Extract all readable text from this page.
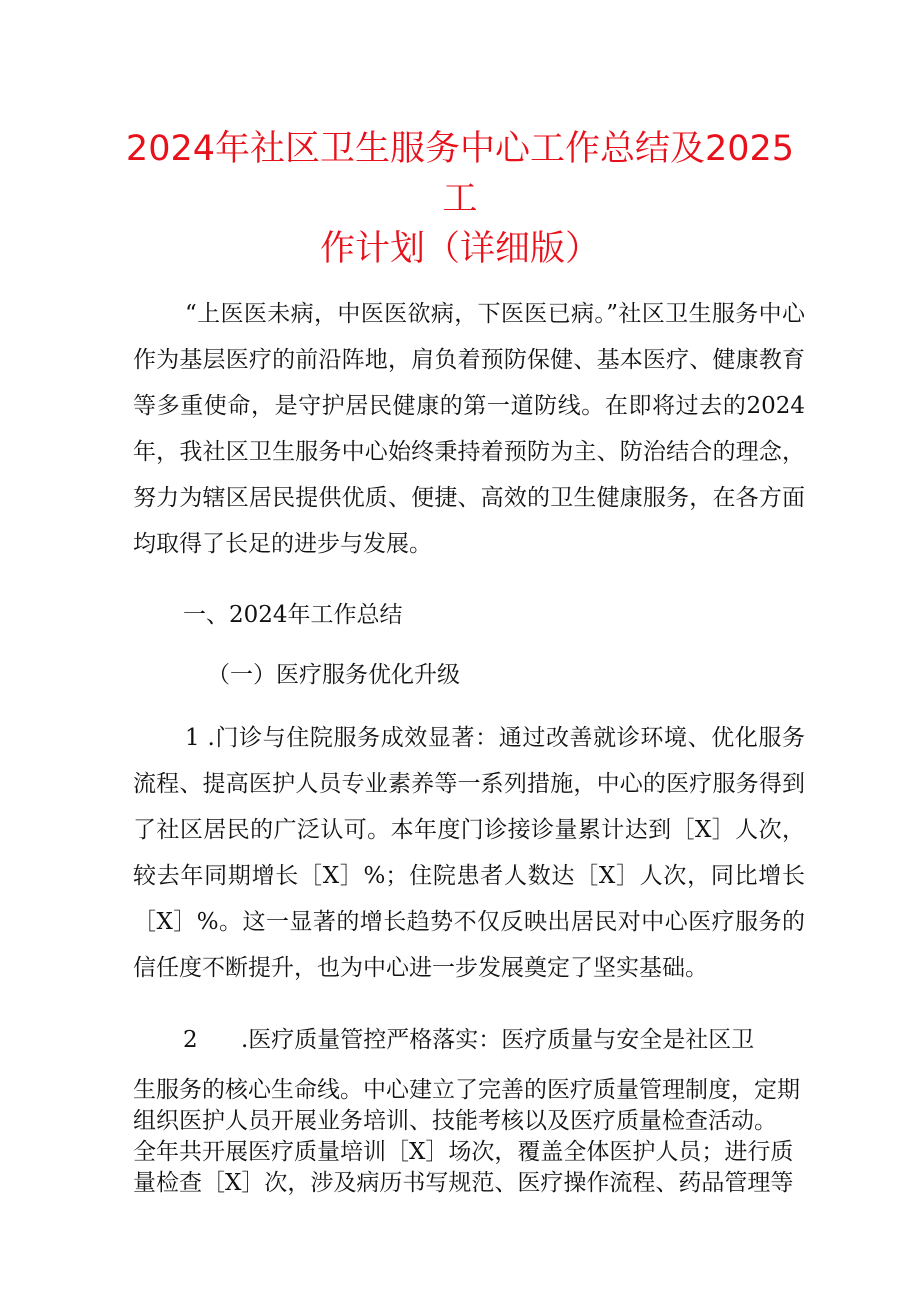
2024年社区卫生服务中心工作总结及2025工
作计划（详细版）

“上医医未病，中医医欲病，下医医已病。”社区卫生服务中心作为基层医疗的前沿阵地，肩负着预防保健、基本医疗、健康教育等多重使命，是守护居民健康的第一道防线。在即将过去的2024年，我社区卫生服务中心始终秉持着预防为主、防治结合的理念，努力为辖区居民提供优质、便捷、高效的卫生健康服务，在各方面均取得了长足的进步与发展。

一、2024年工作总结
（一）医疗服务优化升级

1 .门诊与住院服务成效显著：通过改善就诊环境、优化服务流程、提高医护人员专业素养等一系列措施，中心的医疗服务得到了社区居民的广泛认可。本年度门诊接诊量累计达到［X］人次，较去年同期增长［X］%；住院患者人数达［X］人次，同比增长［X］%。这一显著的增长趋势不仅反映出居民对中心医疗服务的信任度不断提升，也为中心进一步发展奠定了坚实基础。

2 .医疗质量管控严格落实：医疗质量与安全是社区卫
生服务的核心生命线。中心建立了完善的医疗质量管理制度，定期
组织医护人员开展业务培训、技能考核以及医疗质量检查活动。
全年共开展医疗质量培训［X］场次，覆盖全体医护人员；进行质
量检查［X］次，涉及病历书写规范、医疗操作流程、药品管理等
